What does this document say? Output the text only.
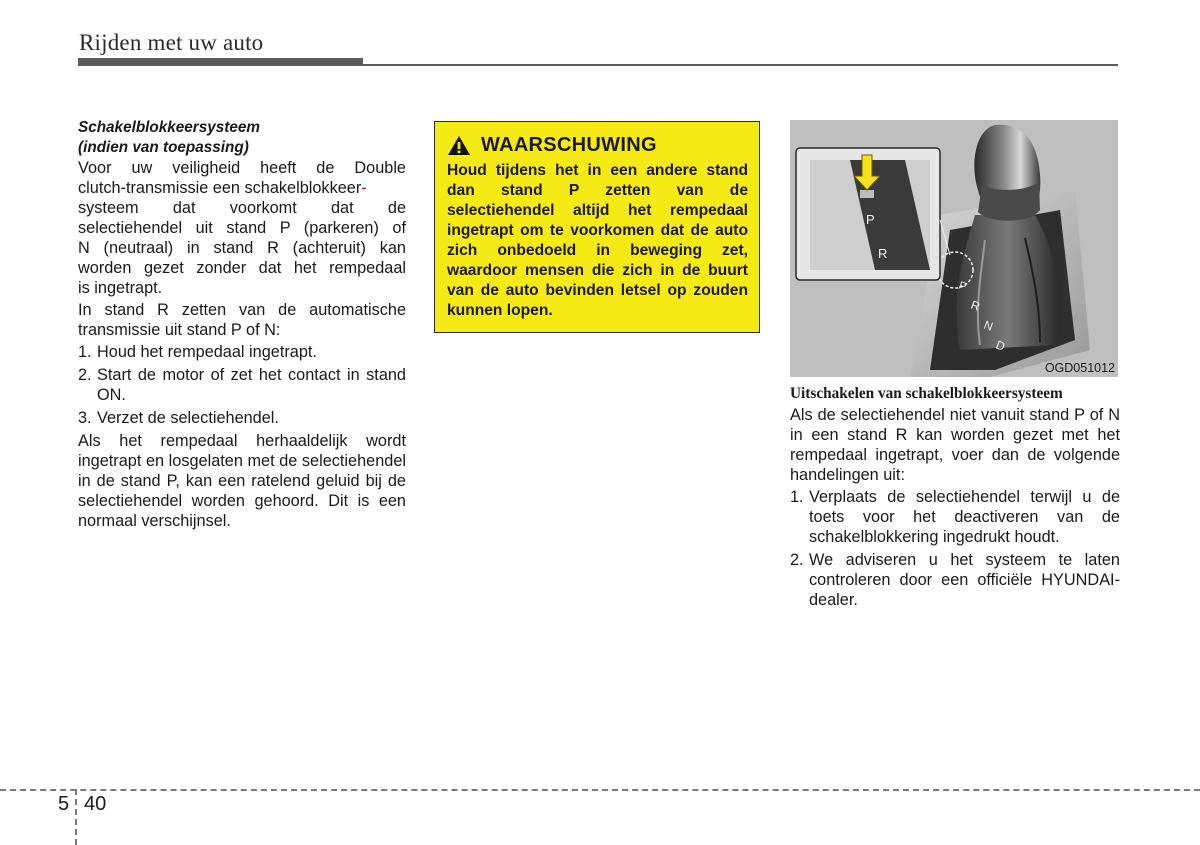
Rijden met uw auto

Schakelblokkeersysteem
(indien van toepassing)

Voor uw veiligheid heeft de Double
clutch-transmissie een schakelblokkeer-
systeem dat voorkomt dat de
selectiehendel uit stand P (parkeren) of
N (neutraal) in stand R (achteruit) kan
worden gezet zonder dat het rempedaal
is ingetrapt.

In stand R zetten van de automatische transmissie uit stand P of N:

1. Houd het rempedaal ingetrapt.
2. Start de motor of zet het contact in stand ON.
3. Verzet de selectiehendel.

Als het rempedaal herhaaldelijk wordt ingetrapt en losgelaten met de selectiehendel in de stand P, kan een ratelend geluid bij de selectiehendel worden gehoord. Dit is een normaal verschijnsel.

WAARSCHUWING

Houd tijdens het in een andere stand dan stand P zetten van de selectiehendel altijd het rempedaal ingetrapt om te voorkomen dat de auto zich onbedoeld in beweging zet, waardoor mensen die zich in de buurt van de auto bevinden letsel op zouden kunnen lopen.	R
N
D
P
P
R
OGD051012

Uitschakelen van schakelblokkeersysteem

Als de selectiehendel niet vanuit stand P of N in een stand R kan worden gezet met het rempedaal ingetrapt, voer dan de volgende handelingen uit:

1. Verplaats de selectiehendel terwijl u de toets voor het deactiveren van de schakelblokkering ingedrukt houdt.
2. We adviseren u het systeem te laten controleren door een officiële HYUNDAI-dealer.
5 40
